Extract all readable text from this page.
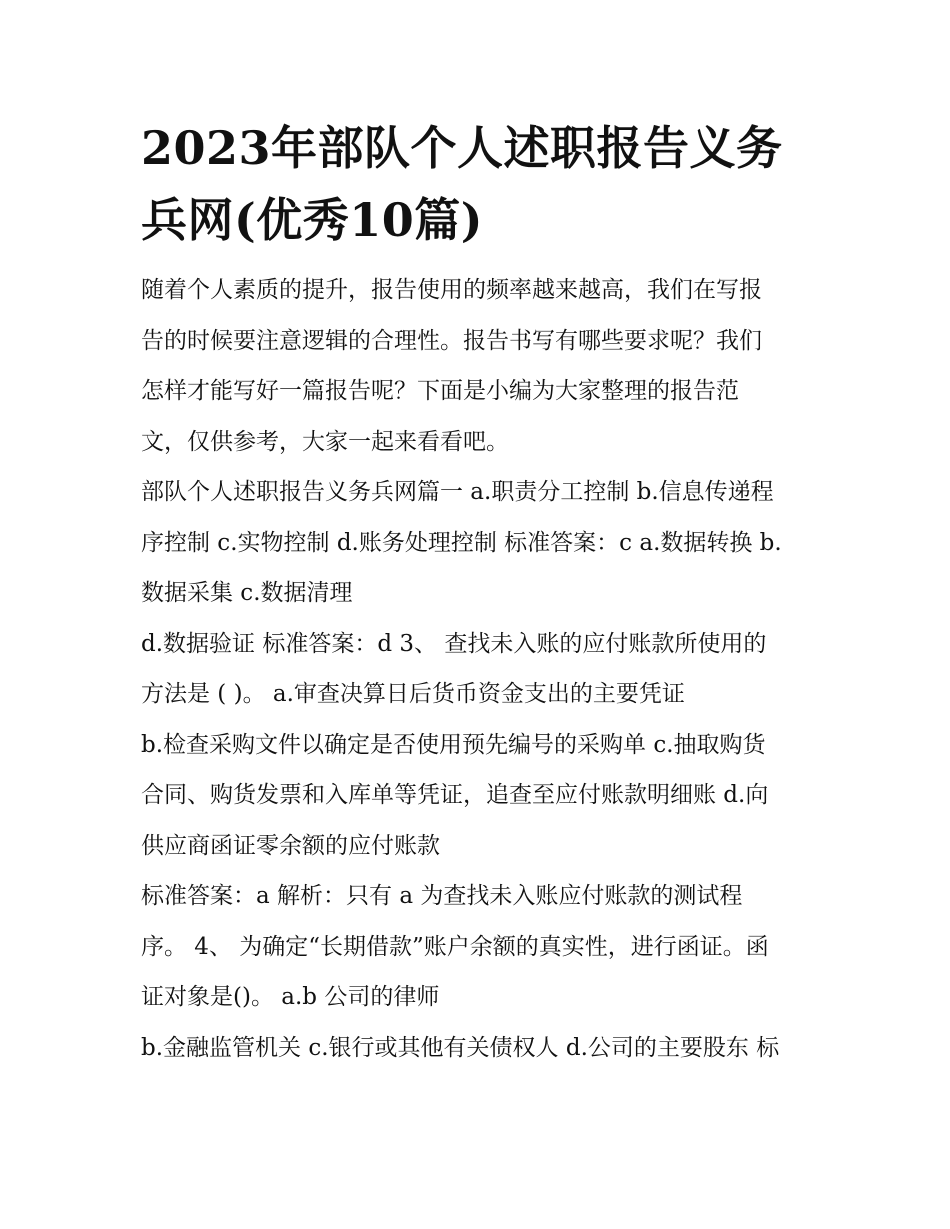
2023年部队个人述职报告义务
兵网(优秀10篇)
随着个人素质的提升，报告使用的频率越来越高，我们在写报
告的时候要注意逻辑的合理性。报告书写有哪些要求呢？我们
怎样才能写好一篇报告呢？下面是小编为大家整理的报告范
文，仅供参考，大家一起来看看吧。
部队个人述职报告义务兵网篇一 a.职责分工控制 b.信息传递程
序控制 c.实物控制 d.账务处理控制 标准答案：c a.数据转换 b.
数据采集 c.数据清理
d.数据验证 标准答案：d 3、 查找未入账的应付账款所使用的
方法是 ( )。 a.审查决算日后货币资金支出的主要凭证
b.检查采购文件以确定是否使用预先编号的采购单 c.抽取购货
合同、购货发票和入库单等凭证，追查至应付账款明细账 d.向
供应商函证零余额的应付账款
标准答案：a 解析：只有 a 为查找未入账应付账款的测试程
序。 4、 为确定“长期借款”账户余额的真实性，进行函证。函
证对象是()。 a.b 公司的律师
b.金融监管机关 c.银行或其他有关债权人 d.公司的主要股东 标
